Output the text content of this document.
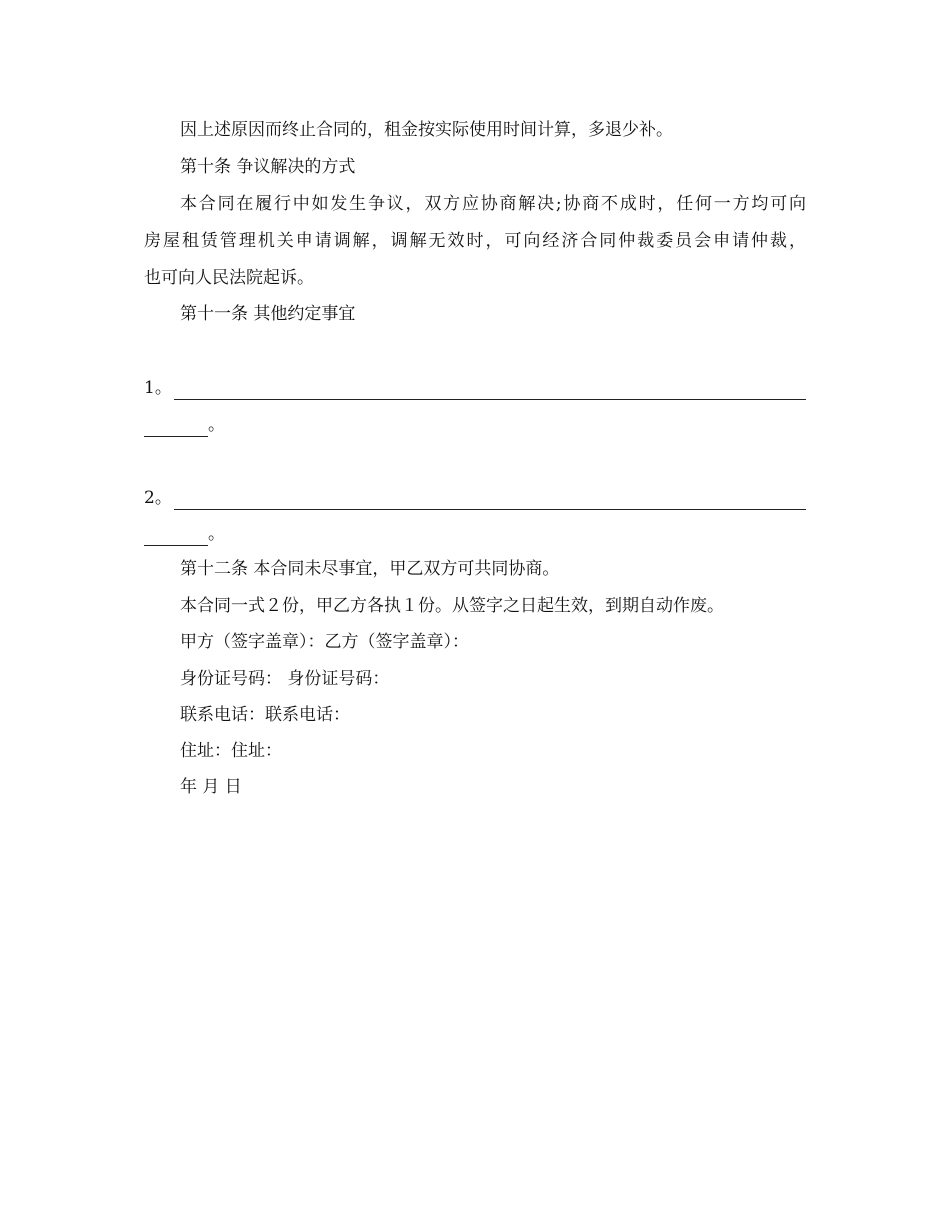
因上述原因而终止合同的，租金按实际使用时间计算，多退少补。
第十条 争议解决的方式
本合同在履行中如发生争议，双方应协商解决;协商不成时，任何一方均可向
房屋租赁管理机关申请调解，调解无效时，可向经济合同仲裁委员会申请仲裁，
也可向人民法院起诉。
第十一条 其他约定事宜
1。
。
2。
。
第十二条 本合同未尽事宜，甲乙双方可共同协商。
本合同一式２份，甲乙方各执１份。从签字之日起生效，到期自动作废。
甲方（签字盖章）：乙方（签字盖章）：
身份证号码： 身份证号码：
联系电话：联系电话：
住址：住址：
年 月 日
